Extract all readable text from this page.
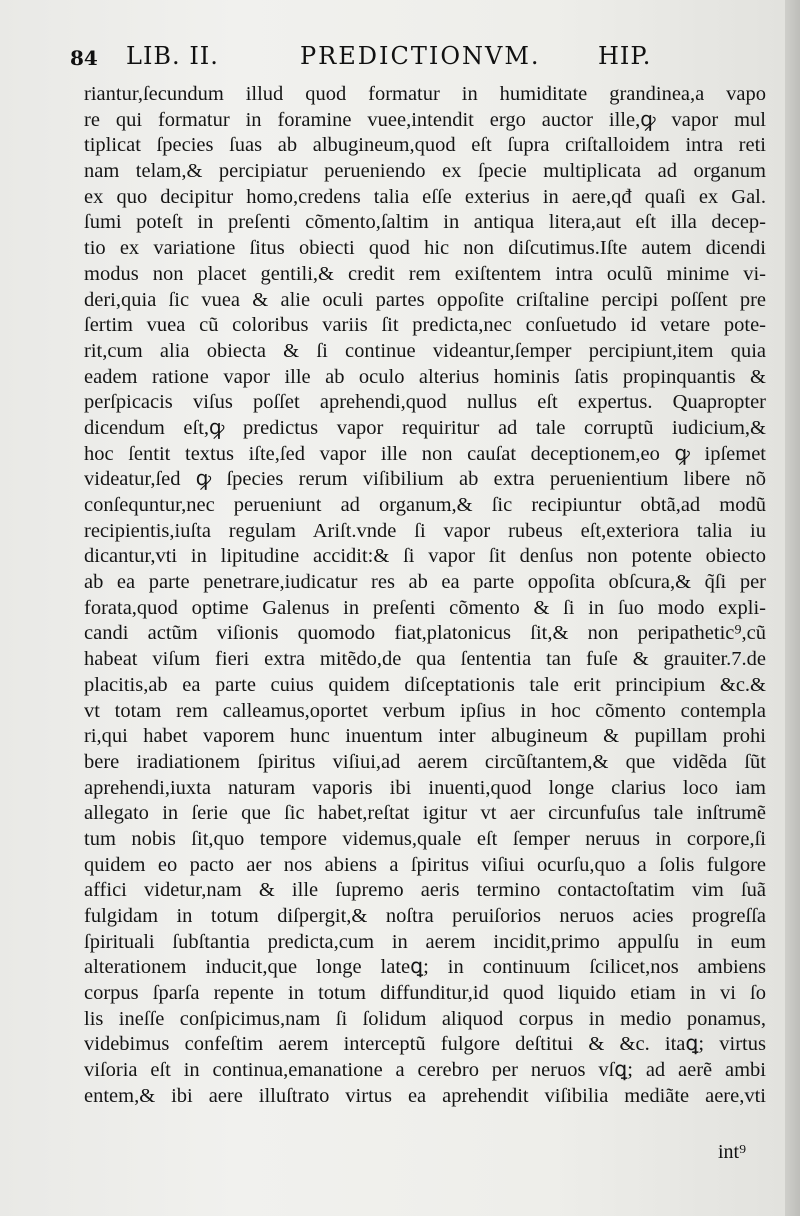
84 LIB. II.	PREDICTIONVM. HIP.
riantur,ſecundum illud quod formatur in humiditate grandinea,a vapo
re qui formatur in foramine vuee,intendit ergo auctor ille,ꝙ vapor mul
tiplicat ſpecies ſuas ab albugineum,quod eſt ſupra criſtalloidem intra reti
nam telam,& percipiatur perueniendo ex ſpecie multiplicata ad organum
ex quo decipitur homo,credens talia eſſe exterius in aere,qđ quaſi ex Gal.
ſumi poteſt in preſenti cõmento,ſaltim in antiqua litera,aut eſt illa decep-
tio ex variatione ſitus obiecti quod hic non diſcutimus.Iſte autem dicendi
modus non placet gentili,& credit rem exiſtentem intra oculũ minime vi-
deri,quia ſic vuea & alie oculi partes oppoſite criſtaline percipi poſſent pre
ſertim vuea cũ coloribus variis ſit predicta,nec conſuetudo id vetare pote-
rit,cum alia obiecta & ſi continue videantur,ſemper percipiunt,item quia
eadem ratione vapor ille ab oculo alterius hominis ſatis propinquantis &
perſpicacis viſus poſſet aprehendi,quod nullus eſt expertus. Quapropter
dicendum eſt,ꝙ predictus vapor requiritur ad tale corruptũ iudicium,&
hoc ſentit textus iſte,ſed vapor ille non cauſat deceptionem,eo ꝙ ipſemet
videatur,ſed ꝙ ſpecies rerum viſibilium ab extra peruenientium libere nõ
conſequntur,nec perueniunt ad organum,& ſic recipiuntur obtã,ad modũ
recipientis,iuſta regulam Ariſt.vnde ſi vapor rubeus eſt,exteriora talia iu
dicantur,vti in lipitudine accidit:& ſi vapor ſit denſus non potente obiecto
ab ea parte penetrare,iudicatur res ab ea parte oppoſita obſcura,& q̃ſi per
forata,quod optime Galenus in preſenti cõmento & ſi in ſuo modo expli-
candi actũm viſionis quomodo fiat,platonicus ſit,& non peripathetic⁹,cũ
habeat viſum fieri extra mitẽdo,de qua ſententia tan fuſe & grauiter.7.de
placitis,ab ea parte cuius quidem diſceptationis tale erit principium &c.&
vt totam rem calleamus,oportet verbum ipſius in hoc cõmento contempla
ri,qui habet vaporem hunc inuentum inter albugineum & pupillam prohi
bere iradiationem ſpiritus viſiui,ad aerem circũſtantem,& que vidẽda ſũt
aprehendi,iuxta naturam vaporis ibi inuenti,quod longe clarius loco iam
allegato in ſerie que ſic habet,reſtat igitur vt aer circunfuſus tale inſtrumẽ
tum nobis ſit,quo tempore videmus,quale eſt ſemper neruus in corpore,ſi
quidem eo pacto aer nos abiens a ſpiritus viſiui ocurſu,quo a ſolis fulgore
affici videtur,nam & ille ſupremo aeris termino contactoſtatim vim ſuã
fulgidam in totum diſpergit,& noſtra peruiſorios neruos acies progreſſa
ſpirituali ſubſtantia predicta,cum in aerem incidit,primo appulſu in eum
alterationem inducit,que longe lateꝗ; in continuum ſcilicet,nos ambiens
corpus ſparſa repente in totum diffunditur,id quod liquido etiam in vi ſo
lis ineſſe conſpicimus,nam ſi ſolidum aliquod corpus in medio ponamus,
videbimus confeſtim aerem interceptũ fulgore deſtitui & &c. itaꝗ; virtus
viſoria eſt in continua,emanatione a cerebro per neruos vſꝗ; ad aerẽ ambi
entem,& ibi aere illuſtrato virtus ea aprehendit viſibilia mediãte aere,vti
int⁹
